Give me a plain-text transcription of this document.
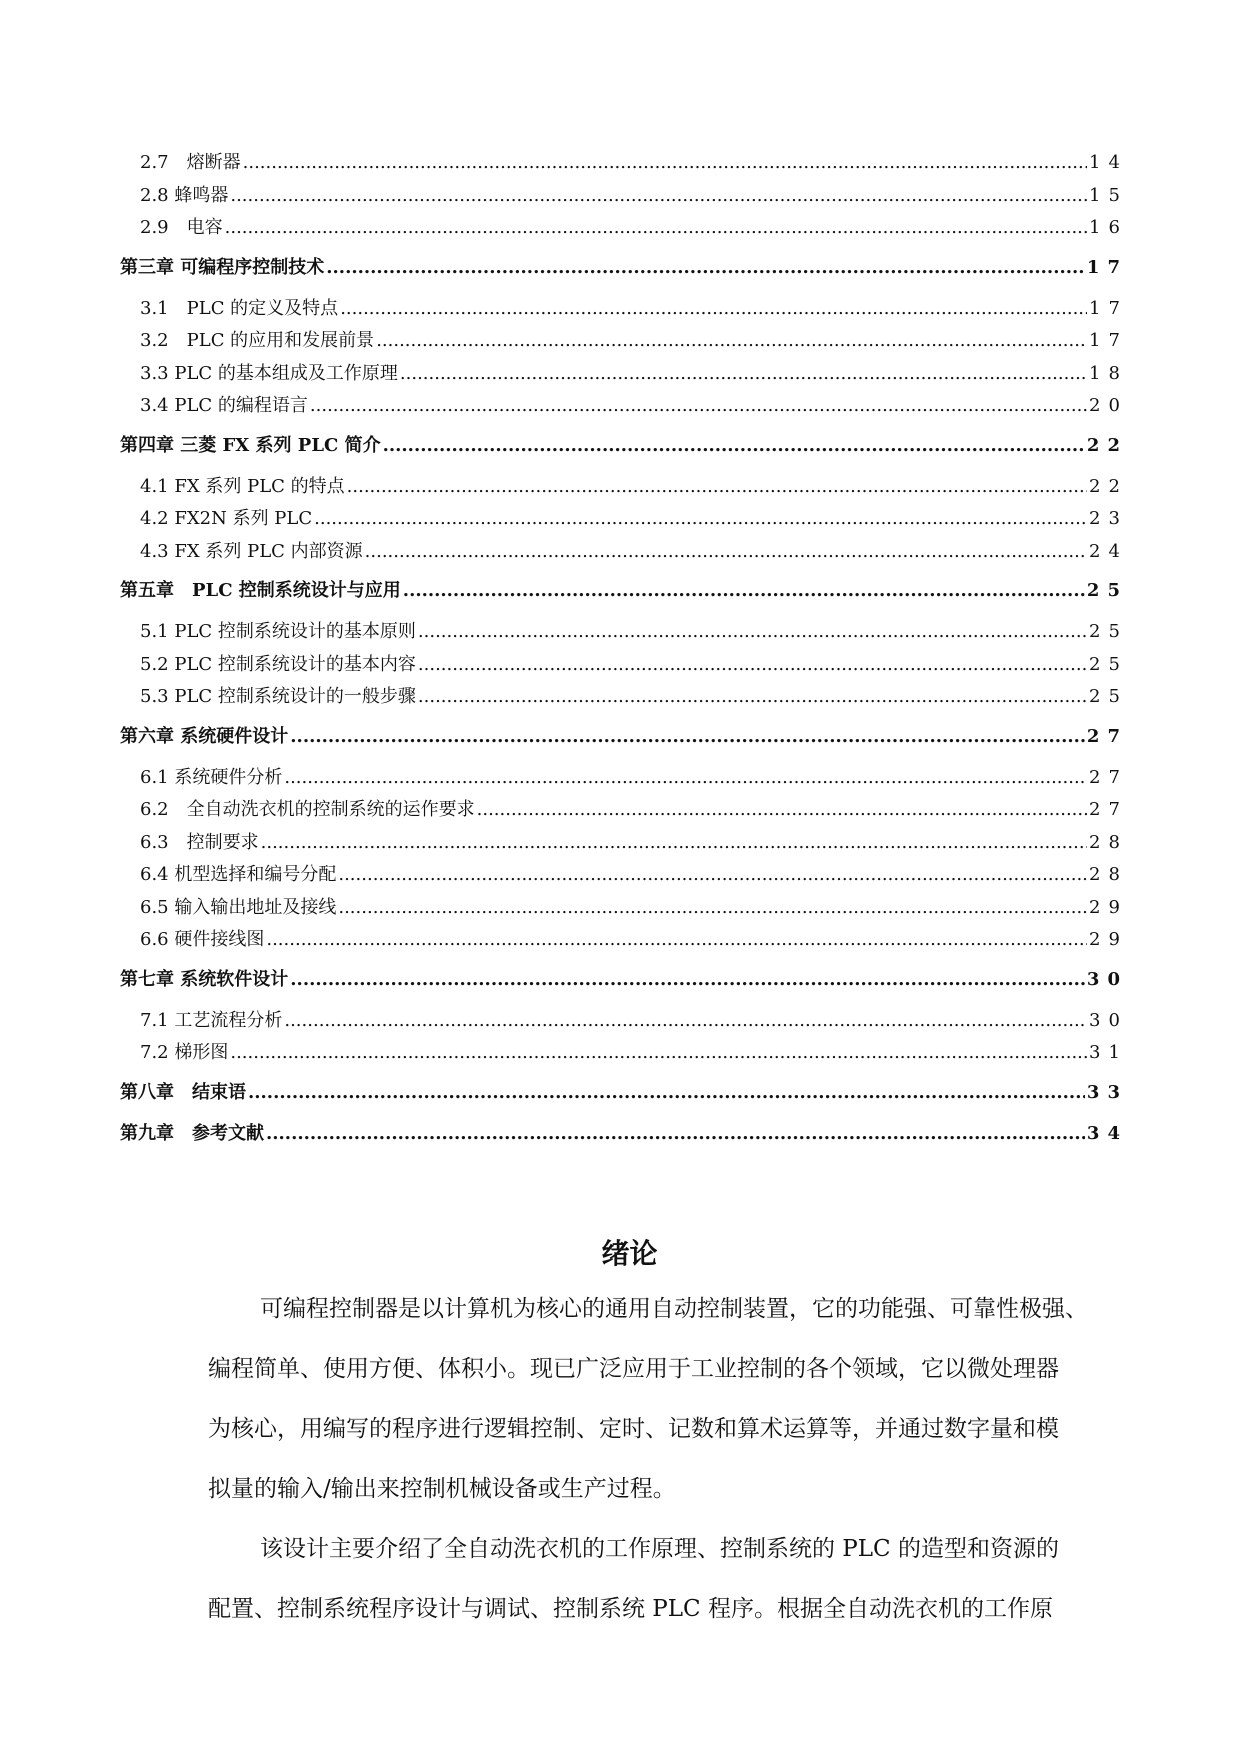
2.7　熔断器 .....	14
2.8 蜂鸣器 .....	15
2.9　电容 .....	16
第三章 可编程序控制技术 .....	17
3.1　PLC 的定义及特点 .....	17
3.2　PLC 的应用和发展前景 .....	17
3.3 PLC 的基本组成及工作原理 .....	18
3.4 PLC 的编程语言 .....	20
第四章 三菱 FX 系列 PLC 简介 .....	22
4.1 FX 系列 PLC 的特点 .....	22
4.2 FX2N 系列 PLC .....	23
4.3 FX 系列 PLC 内部资源 .....	24
第五章　PLC 控制系统设计与应用 .....	25
5.1 PLC 控制系统设计的基本原则 .....	25
5.2 PLC 控制系统设计的基本内容 .....	25
5.3 PLC 控制系统设计的一般步骤 .....	25
第六章 系统硬件设计 .....	27
6.1 系统硬件分析 .....	27
6.2　全自动洗衣机的控制系统的运作要求 .....	27
6.3　控制要求 .....	28
6.4 机型选择和编号分配 .....	28
6.5 输入输出地址及接线 .....	29
6.6 硬件接线图 .....	29
第七章 系统软件设计 .....	30
7.1 工艺流程分析 .....	30
7.2 梯形图 .....	31
第八章　结束语 .....	33
第九章　参考文献 .....	34
绪论
可编程控制器是以计算机为核心的通用自动控制装置，它的功能强、可靠性极强、
编程简单、使用方便、体积小。现已广泛应用于工业控制的各个领域，它以微处理器
为核心，用编写的程序进行逻辑控制、定时、记数和算术运算等，并通过数字量和模
拟量的输入/输出来控制机械设备或生产过程。
该设计主要介绍了全自动洗衣机的工作原理、控制系统的 PLC 的造型和资源的
配置、控制系统程序设计与调试、控制系统 PLC 程序。根据全自动洗衣机的工作原
